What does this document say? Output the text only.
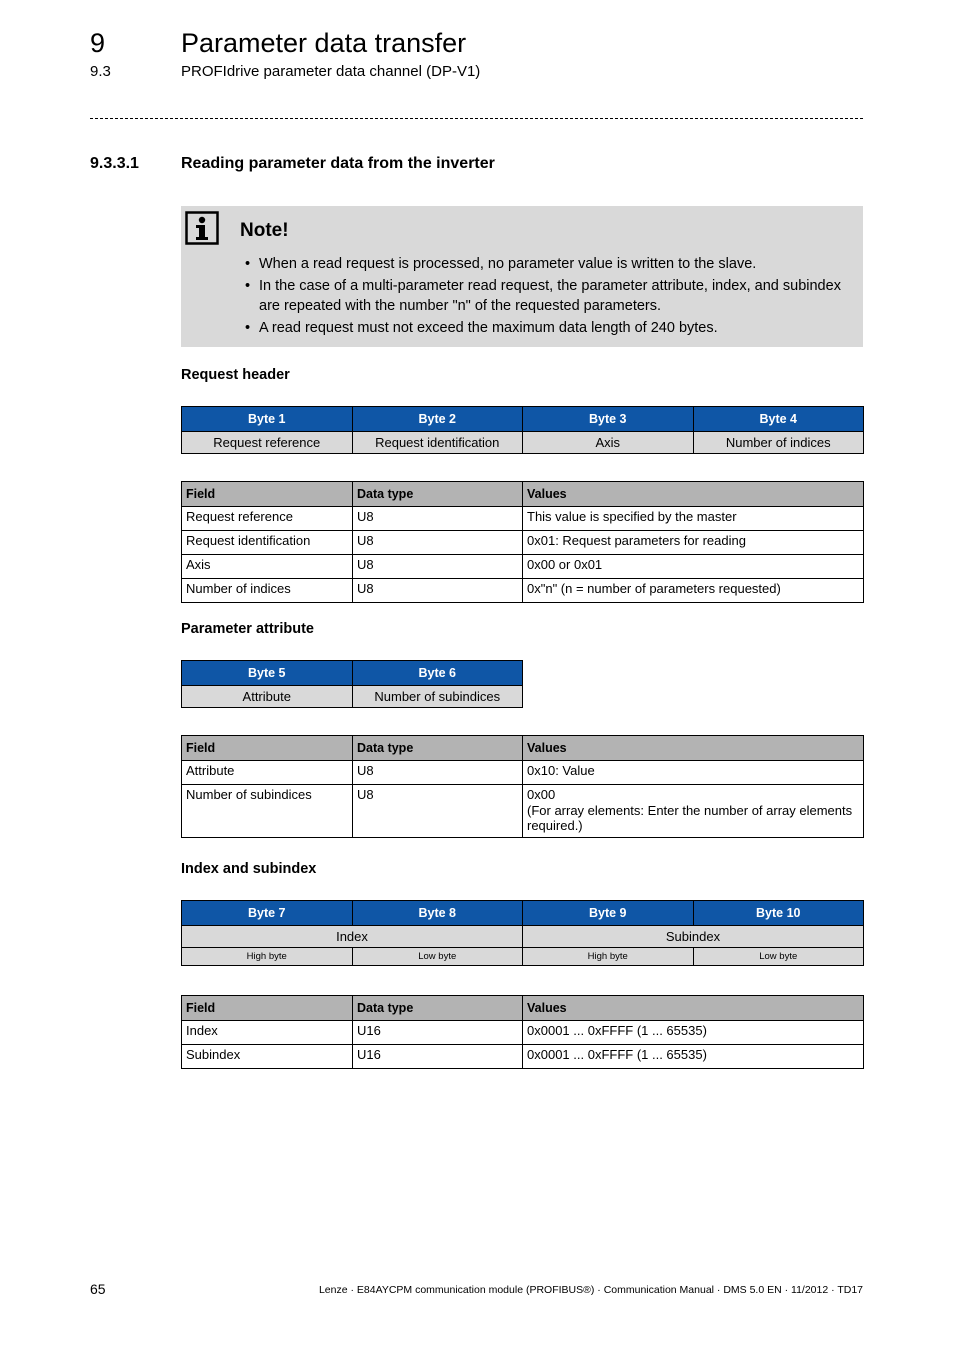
9	Parameter data transfer
9.3	PROFIdrive parameter data channel (DP-V1)
9.3.3.1	Reading parameter data from the inverter
Note!
• When a read request is processed, no parameter value is written to the slave.
• In the case of a multi-parameter read request, the parameter attribute, index, and subindex are repeated with the number "n" of the requested parameters.
• A read request must not exceed the maximum data length of 240 bytes.
Request header
Byte 1	Byte 2	Byte 3	Byte 4
Request reference	Request identification	Axis	Number of indices
Field	Data type	Values
Request reference	U8	This value is specified by the master
Request identification	U8	0x01: Request parameters for reading
Axis	U8	0x00 or 0x01
Number of indices	U8	0x"n" (n = number of parameters requested)
Parameter attribute
Byte 5	Byte 6
Attribute	Number of subindices
Field	Data type	Values
Attribute	U8	0x10: Value
Number of subindices	U8	0x00
(For array elements: Enter the number of array elements required.)
Index and subindex
Byte 7	Byte 8	Byte 9	Byte 10
Index		Subindex	
High byte	Low byte	High byte	Low byte
Field	Data type	Values
Index	U16	0x0001 ... 0xFFFF (1 ... 65535)
Subindex	U16	0x0001 ... 0xFFFF (1 ... 65535)
65	Lenze · E84AYCPM communication module (PROFIBUS®) · Communication Manual · DMS 5.0 EN · 11/2012 · TD17
